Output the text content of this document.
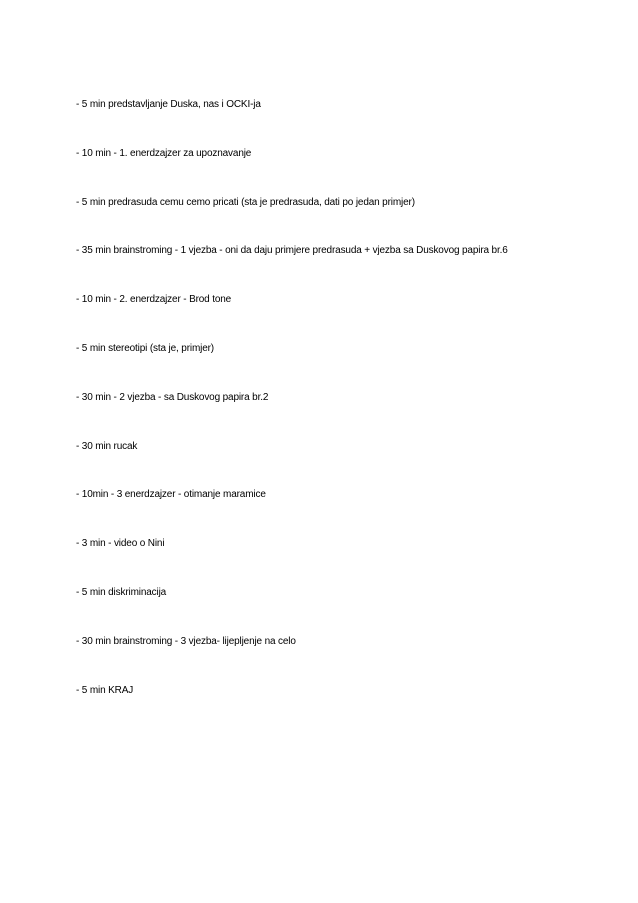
- 5 min predstavljanje Duska, nas i OCKI-ja
- 10 min - 1. enerdzajzer za upoznavanje
- 5 min predrasuda cemu cemo pricati (sta je predrasuda, dati po jedan primjer)
- 35 min brainstroming - 1 vjezba - oni da daju primjere predrasuda + vjezba sa Duskovog papira br.6
- 10 min - 2. enerdzajzer - Brod tone
- 5 min stereotipi (sta je, primjer)
- 30 min - 2 vjezba - sa Duskovog papira br.2
- 30 min rucak
- 10min - 3 enerdzajzer - otimanje maramice
- 3 min - video o Nini
- 5 min diskriminacija
- 30 min brainstroming - 3 vjezba- lijepljenje na celo
- 5 min KRAJ
